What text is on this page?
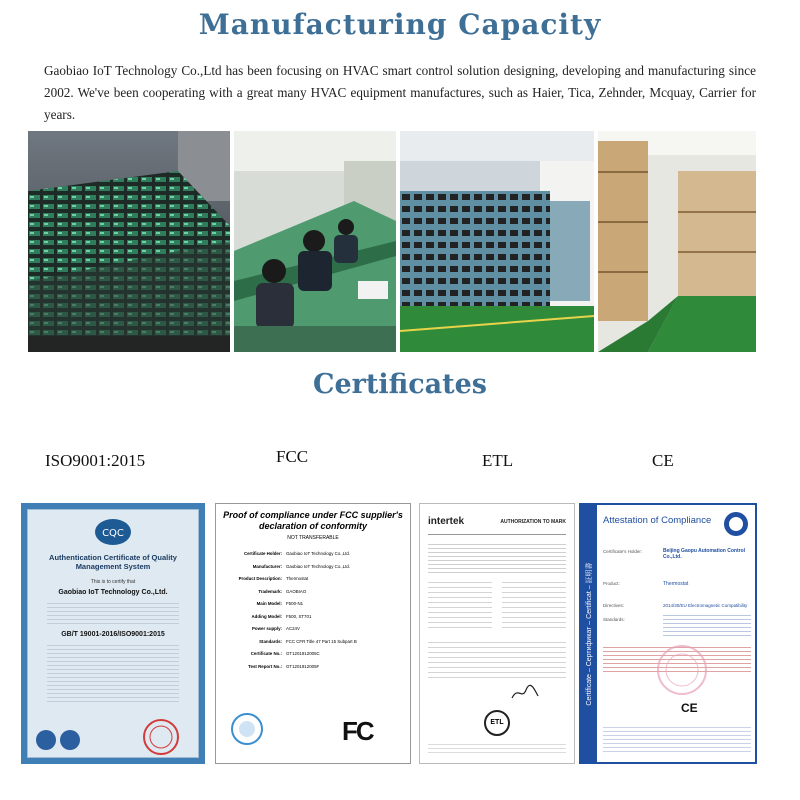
Manufacturing Capacity

Gaobiao IoT Technology Co.,Ltd has been focusing on HVAC smart control solution designing, developing and manufacturing since 2002. We've been cooperating with a great many HVAC equipment manufactures, such as Haier, Tica, Zehnder, Mcquay, Carrier for years.

Certificates
ISO9001:2015	FCC	ETL	CE
CQC
Authentication Certificate of Quality Management System
This is to certify that
Gaobiao IoT Technology Co.,Ltd.
GB/T 19001-2016/ISO9001:2015
Proof of compliance under FCC supplier's declaration of conformity
NOT TRANSFERABLE
Certificate Holder: Gaobiao IoT Technology Co.,Ltd.
Manufacturer: Gaobiao IoT Technology Co.,Ltd.
Product Description: Thermostat
Trademark: GAOBIAO
Main Model: F500-N1
Adding Model: F500, ST701
Power supply: AC24V
Standards: FCC CFR Title 47 Part 15 Subpart B
Certificate No.: GT1201912005C
Test Report No.: GT1201912005F
FC
intertek	AUTHORIZATION TO MARK
ETL
Certificate – Сертификат – Certificat – 証明書
Attestation of Compliance
Certificate's Holder:	Beijing Gaopu Automation Control Co.,Ltd.
Product:	Thermostat
Directives:	2014/30/EU Electromagnetic Compatibility
Standards:
CE
